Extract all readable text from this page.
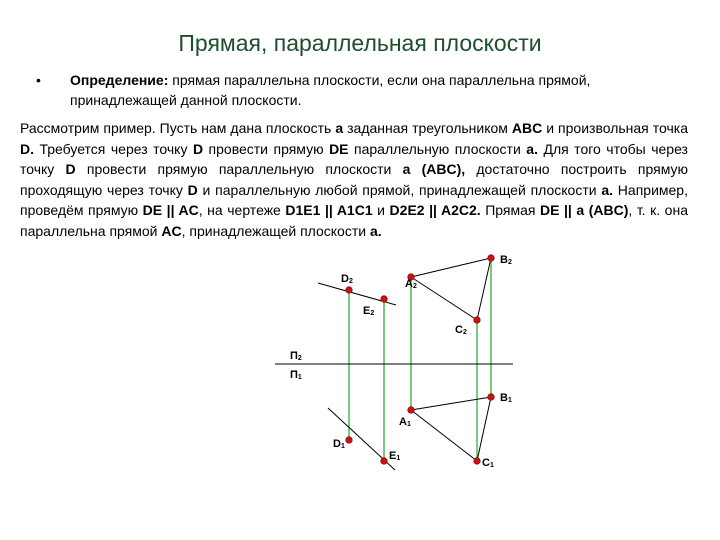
Прямая, параллельная плоскости
• Определение: прямая параллельна плоскости, если она параллельна прямой, принадлежащей данной плоскости.
Рассмотрим пример. Пусть нам дана плоскость a заданная треугольником ABC и произвольная точка D. Требуется через точку D провести прямую DE параллельную плоскости a. Для того чтобы через точку D провести прямую параллельную плоскости a (ABC), достаточно построить прямую проходящую через точку D и параллельную любой прямой, принадлежащей плоскости a. Например, проведём прямую DE || AC, на чертеже D1E1 || A1C1 и D2E2 || A2C2. Прямая DE || a (ABC), т. к. она параллельна прямой AC, принадлежащей плоскости a.
D2
E2
A2
B2
C2
П2
П1
B1
A1
D1
E1	C1
